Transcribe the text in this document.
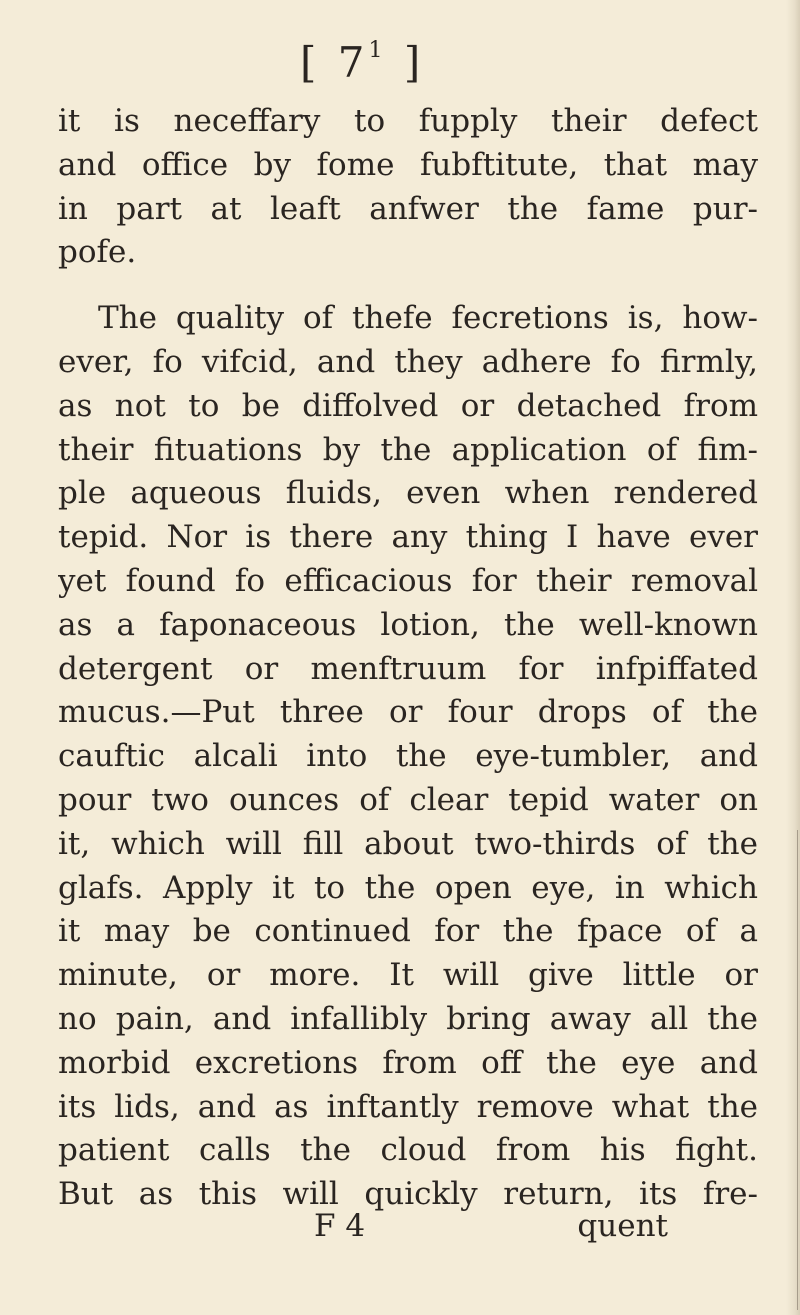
[ $7^1$ ]
it is neceffary to fupply their defect
and office by fome fubftitute, that may
in part at leaft anfwer the fame pur-
pofe.
The quality of thefe fecretions is, how-
ever, fo vifcid, and they adhere fo firmly,
as not to be diffolved or detached from
their fituations by the application of fim-
ple aqueous fluids, even when rendered
tepid. Nor is there any thing I have ever
yet found fo efficacious for their removal
as a faponaceous lotion, the well-known
detergent or menftruum for infpiffated
mucus.—Put three or four drops of the
cauftic alcali into the eye-tumbler, and
pour two ounces of clear tepid water on
it, which will fill about two-thirds of the
glafs. Apply it to the open eye, in which
it may be continued for the fpace of a
minute, or more. It will give little or
no pain, and infallibly bring away all the
morbid excretions from off the eye and
its lids, and as inftantly remove what the
patient calls the cloud from his fight.
But as this will quickly return, its fre-
F 4	quent
